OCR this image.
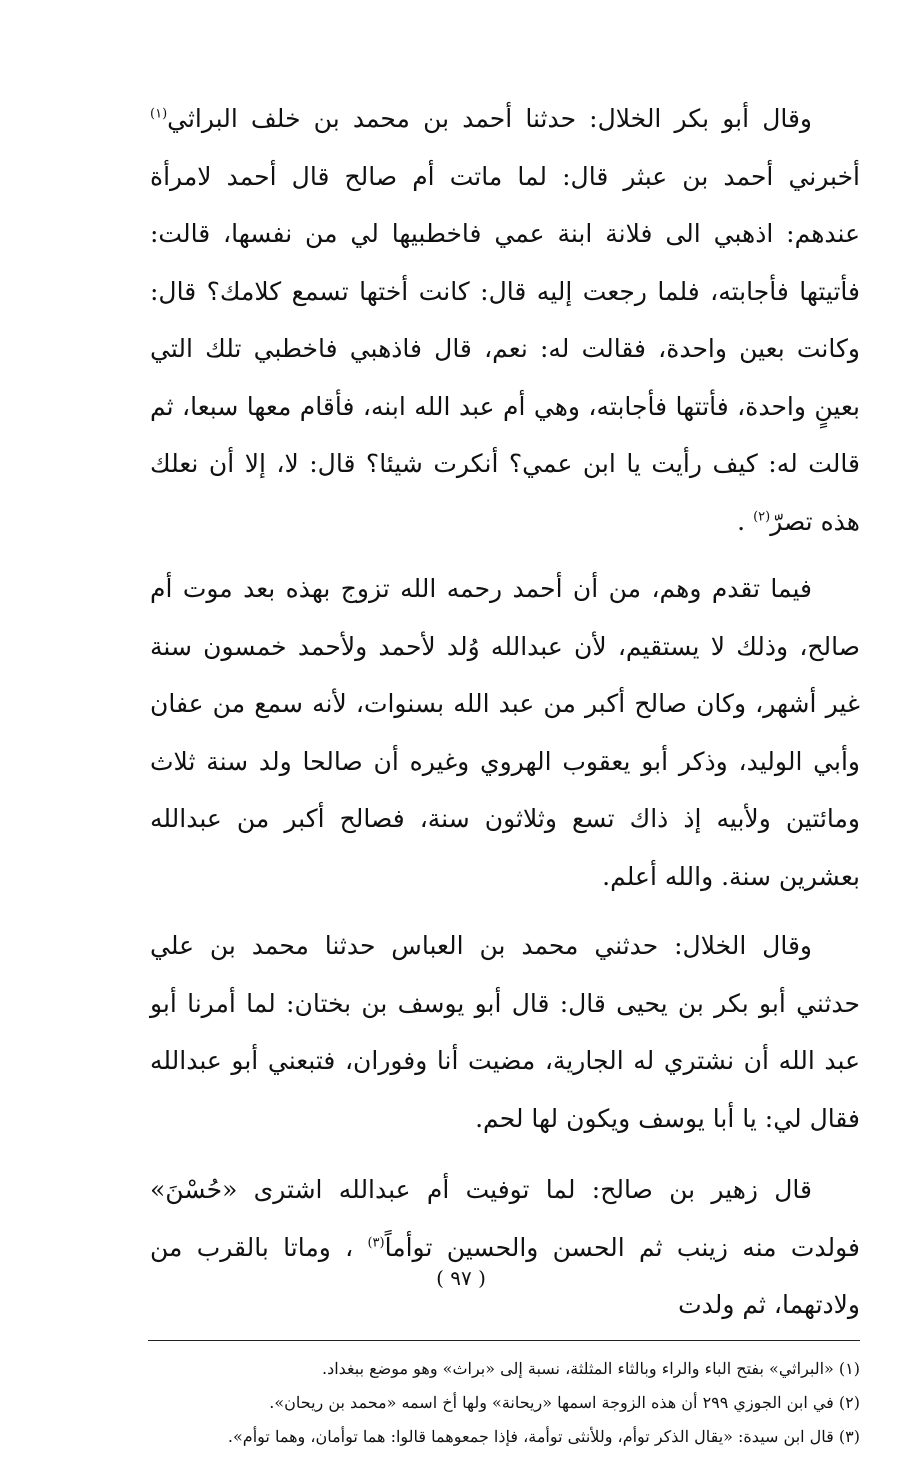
وقال أبو بكر الخلال: حدثنا أحمد بن محمد بن خلف البراثي$^{(١)}$ أخبرني أحمد بن عبثر قال: لما ماتت أم صالح قال أحمد لامرأة عندهم: اذهبي الى فلانة ابنة عمي فاخطبيها لي من نفسها، قالت: فأتيتها فأجابته، فلما رجعت إليه قال: كانت أختها تسمع كلامك؟ قال: وكانت بعين واحدة، فقالت له: نعم، قال فاذهبي فاخطبي تلك التي بعينٍ واحدة، فأتتها فأجابته، وهي أم عبد الله ابنه، فأقام معها سبعا، ثم قالت له: كيف رأيت يا ابن عمي؟ أنكرت شيئا؟ قال: لا، إلا أن نعلك هذه تصرّ$^{(٢)}$ .

فيما تقدم وهم، من أن أحمد رحمه الله تزوج بهذه بعد موت أم صالح، وذلك لا يستقيم، لأن عبدالله وُلد لأحمد ولأحمد خمسون سنة غير أشهر، وكان صالح أكبر من عبد الله بسنوات، لأنه سمع من عفان وأبي الوليد، وذكر أبو يعقوب الهروي وغيره أن صالحا ولد سنة ثلاث ومائتين ولأبيه إذ ذاك تسع وثلاثون سنة، فصالح أكبر من عبدالله بعشرين سنة. والله أعلم.

وقال الخلال: حدثني محمد بن العباس حدثنا محمد بن علي حدثني أبو بكر بن يحيى قال: قال أبو يوسف بن بختان: لما أمرنا أبو عبد الله أن نشتري له الجارية، مضيت أنا وفوران، فتبعني أبو عبدالله فقال لي: يا أبا يوسف ويكون لها لحم.

قال زهير بن صالح: لما توفيت أم عبدالله اشترى «حُسْنَ» فولدت منه زينب ثم الحسن والحسين توأماً$^{(٣)}$ ، وماتا بالقرب من ولادتهما، ثم ولدت

(١) «البراثي» بفتح الباء والراء وبالثاء المثلثة، نسبة إلى «براث» وهو موضع ببغداد.
(٢) في ابن الجوزي ٢٩٩ أن هذه الزوجة اسمها «ريحانة» ولها أخ اسمه «محمد بن ريحان».
(٣) قال ابن سيدة: «يقال الذكر توأم، وللأنثى توأمة، فإذا جمعوهما قالوا: هما توأمان، وهما توأم».
( ٩٧ )
